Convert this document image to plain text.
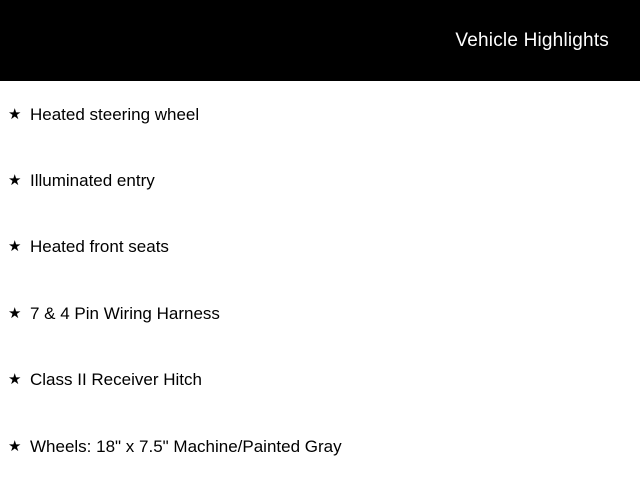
Vehicle Highlights
★ Heated steering wheel
★ Illuminated entry
★ Heated front seats
★ 7 & 4 Pin Wiring Harness
★ Class II Receiver Hitch
★ Wheels: 18" x 7.5" Machine/Painted Gray
